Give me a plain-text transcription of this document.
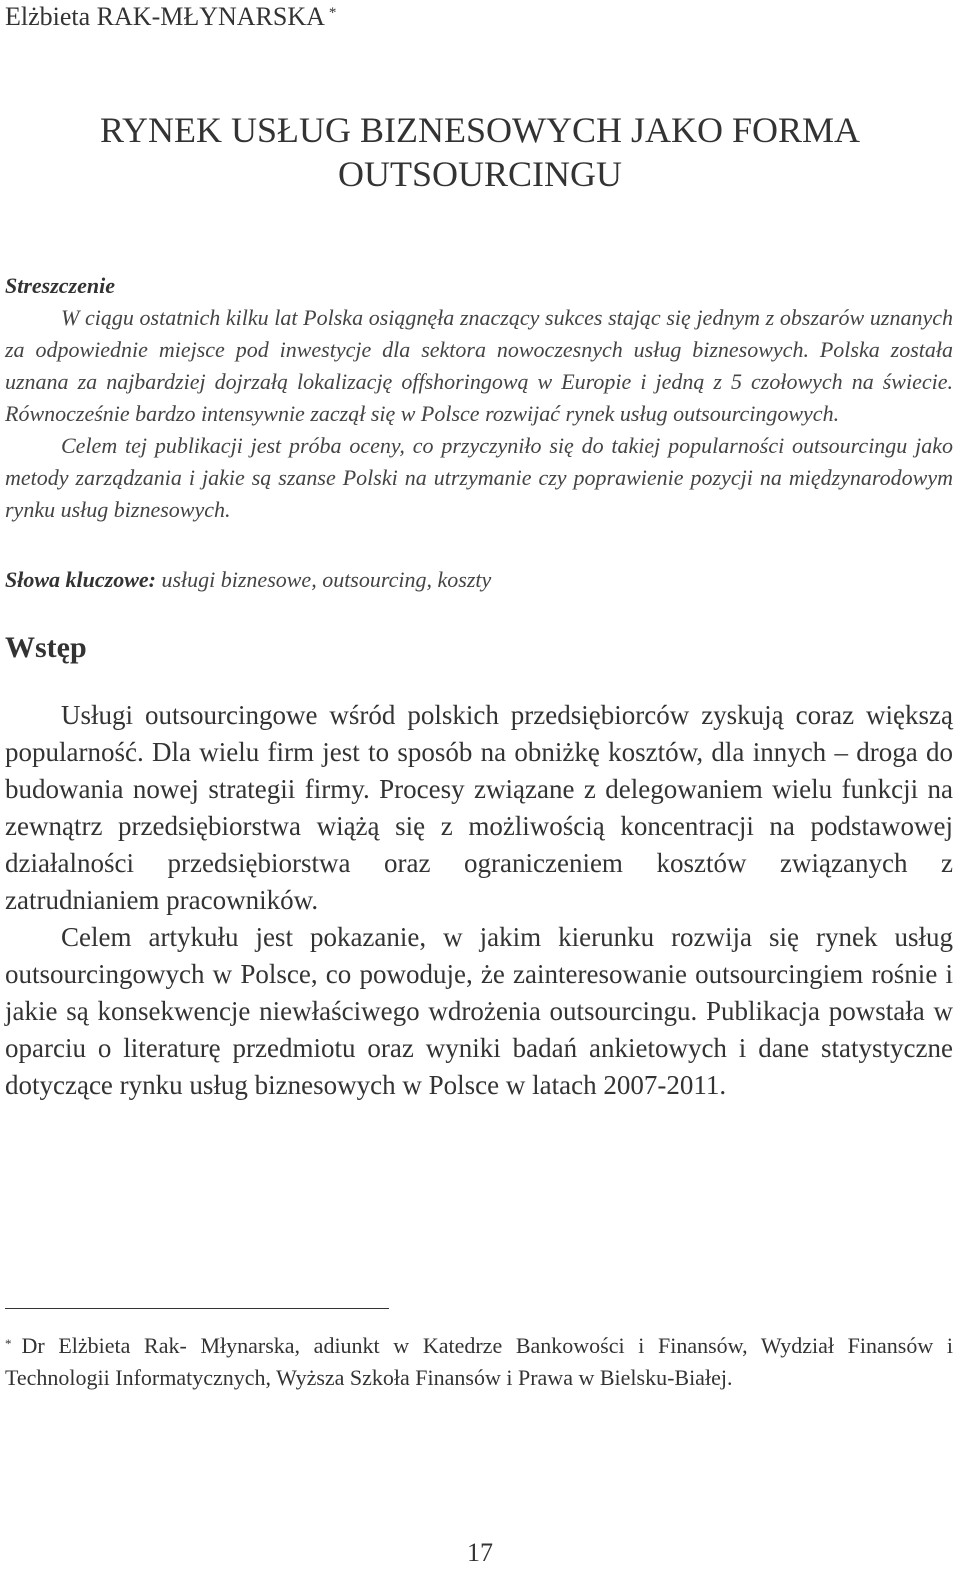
Elżbieta RAK-MŁYNARSKA *
RYNEK USŁUG BIZNESOWYCH JAKO FORMA
OUTSOURCINGU
Streszczenie

W ciągu ostatnich kilku lat Polska osiągnęła znaczący sukces stając się jednym z obszarów uznanych za odpowiednie miejsce pod inwestycje dla sektora nowoczesnych usług biznesowych. Polska została uznana za najbardziej dojrzałą lokalizację offshoringową w Europie i jedną z 5 czołowych na świecie. Równocześnie bardzo intensywnie zaczął się w Polsce rozwijać rynek usług outsourcingowych.

Celem tej publikacji jest próba oceny, co przyczyniło się do takiej popularności outsourcingu jako metody zarządzania i jakie są szanse Polski na utrzymanie czy poprawienie pozycji na międzynarodowym rynku usług biznesowych.

Słowa kluczowe: usługi biznesowe, outsourcing, koszty
Wstęp

Usługi outsourcingowe wśród polskich przedsiębiorców zyskują coraz większą popularność. Dla wielu firm jest to sposób na obniżkę kosztów, dla innych – droga do budowania nowej strategii firmy. Procesy związane z delegowaniem wielu funkcji na zewnątrz przedsiębiorstwa wiążą się z możliwością koncentracji na podstawowej działalności przedsiębiorstwa oraz ograniczeniem kosztów związanych z zatrudnianiem pracowników.

Celem artykułu jest pokazanie, w jakim kierunku rozwija się rynek usług outsourcingowych w Polsce, co powoduje, że zainteresowanie outsourcingiem rośnie i jakie są konsekwencje niewłaściwego wdrożenia outsourcingu. Publikacja powstała w oparciu o literaturę przedmiotu oraz wyniki badań ankietowych i dane statystyczne dotyczące rynku usług biznesowych w Polsce w latach 2007-2011.

* Dr Elżbieta Rak- Młynarska, adiunkt w Katedrze Bankowości i Finansów, Wydział Finansów i Technologii Informatycznych, Wyższa Szkoła Finansów i Prawa w Bielsku-Białej.
17
